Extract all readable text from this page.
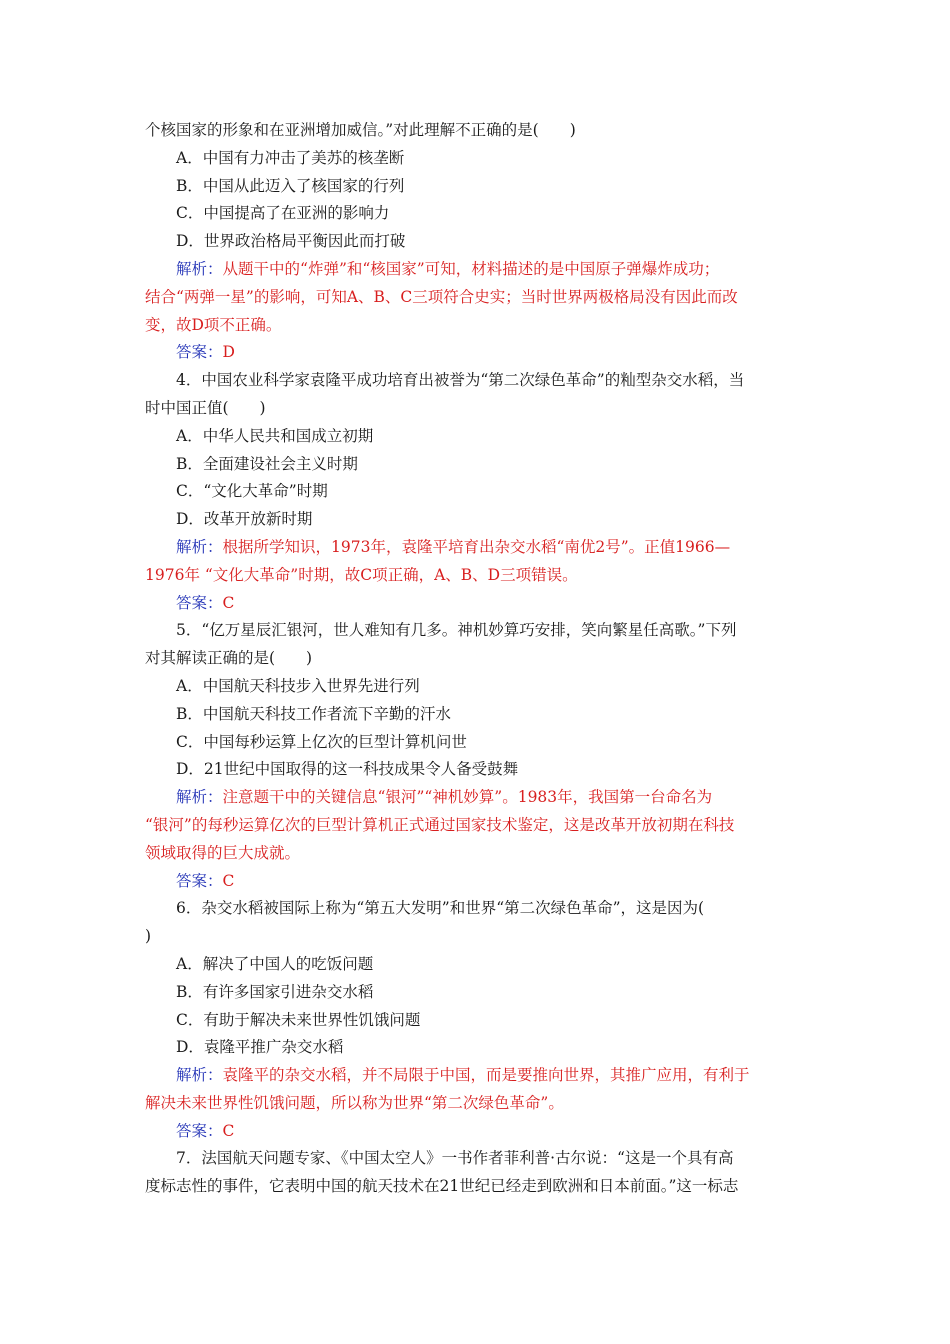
个核国家的形象和在亚洲增加威信。”对此理解不正确的是(　　)
A．中国有力冲击了美苏的核垄断
B．中国从此迈入了核国家的行列
C．中国提高了在亚洲的影响力
D．世界政治格局平衡因此而打破
解析：从题干中的“炸弹”和“核国家”可知，材料描述的是中国原子弹爆炸成功；
结合“两弹一星”的影响，可知A、B、C三项符合史实；当时世界两极格局没有因此而改
变，故D项不正确。
答案：D
4．中国农业科学家袁隆平成功培育出被誉为“第二次绿色革命”的籼型杂交水稻，当
时中国正值(　　)
A．中华人民共和国成立初期
B．全面建设社会主义时期
C．“文化大革命”时期
D．改革开放新时期
解析：根据所学知识，1973年，袁隆平培育出杂交水稻“南优2号”。正值1966—
1976年 “文化大革命”时期，故C项正确，A、B、D三项错误。
答案：C
5．“亿万星辰汇银河，世人难知有几多。神机妙算巧安排，笑向繁星任高歌。”下列
对其解读正确的是(　　)
A．中国航天科技步入世界先进行列
B．中国航天科技工作者流下辛勤的汗水
C．中国每秒运算上亿次的巨型计算机问世
D．21世纪中国取得的这一科技成果令人备受鼓舞
解析：注意题干中的关键信息“银河”“神机妙算”。1983年，我国第一台命名为
“银河”的每秒运算亿次的巨型计算机正式通过国家技术鉴定，这是改革开放初期在科技
领域取得的巨大成就。
答案：C
6．杂交水稻被国际上称为“第五大发明”和世界“第二次绿色革命”，这是因为(
)
A．解决了中国人的吃饭问题
B．有许多国家引进杂交水稻
C．有助于解决未来世界性饥饿问题
D．袁隆平推广杂交水稻
解析：袁隆平的杂交水稻，并不局限于中国，而是要推向世界，其推广应用，有利于
解决未来世界性饥饿问题，所以称为世界“第二次绿色革命”。
答案：C
7．法国航天问题专家、《中国太空人》一书作者菲利普·古尔说：“这是一个具有高
度标志性的事件，它表明中国的航天技术在21世纪已经走到欧洲和日本前面。”这一标志
